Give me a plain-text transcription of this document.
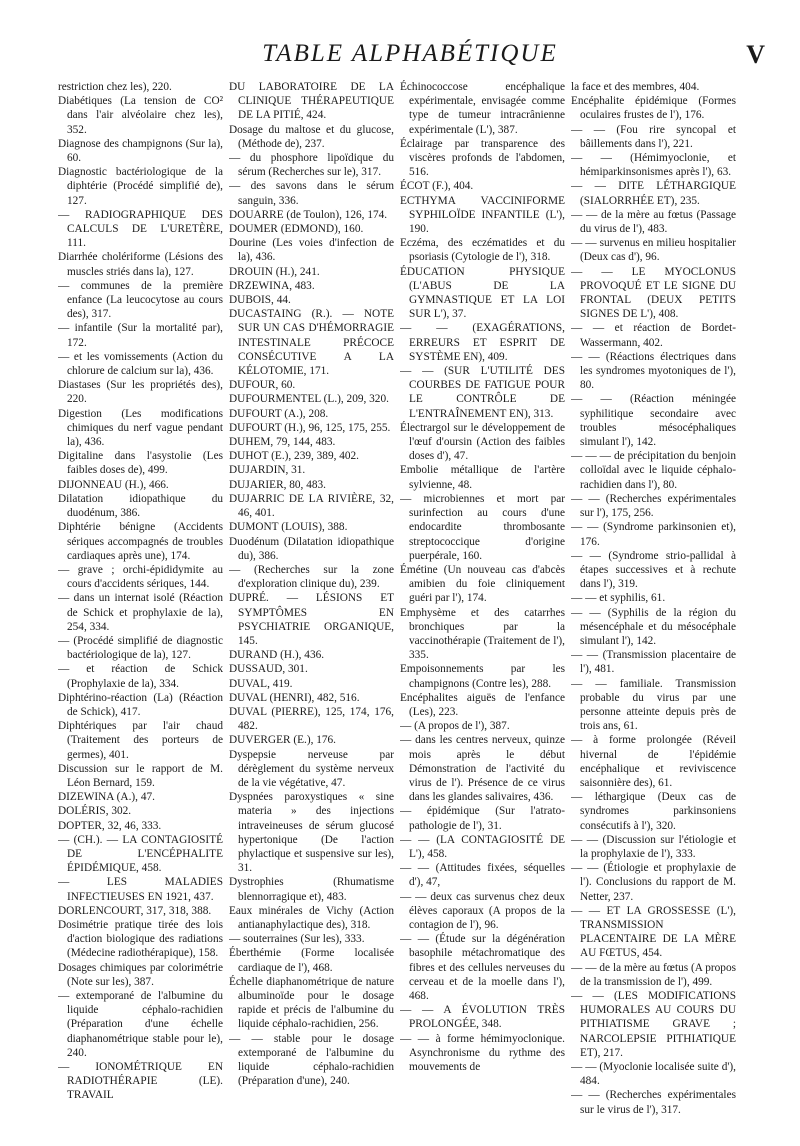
TABLE ALPHABÉTIQUE	V

restriction chez les), 220.

Diabétiques (La tension de CO² dans l'air alvéolaire chez les), 352.

Diagnose des champignons (Sur la), 60.

Diagnostic bactériologique de la diphtérie (Procédé simplifié de), 127.

— RADIOGRAPHIQUE DES CALCULS DE L'URETÈRE, 111.

Diarrhée cholériforme (Lésions des muscles striés dans la), 127.

— communes de la première enfance (La leucocytose au cours des), 317.

— infantile (Sur la mortalité par), 172.

— et les vomissements (Action du chlorure de calcium sur la), 436.

Diastases (Sur les propriétés des), 220.

Digestion (Les modifications chimiques du nerf vague pendant la), 436.

Digitaline dans l'asystolie (Les faibles doses de), 499.

DIJONNEAU (H.), 466.

Dilatation idiopathique du duodénum, 386.

Diphtérie bénigne (Accidents sériques accompagnés de troubles cardiaques après une), 174.

— grave ; orchi-épididymite au cours d'accidents sériques, 144.

— dans un internat isolé (Réaction de Schick et prophylaxie de la), 254, 334.

— (Procédé simplifié de diagnostic bactériologique de la), 127.

— et réaction de Schick (Prophylaxie de la), 334.

Diphtérino-réaction (La) (Réaction de Schick), 417.

Diphtériques par l'air chaud (Traitement des porteurs de germes), 401.

Discussion sur le rapport de M. Léon Bernard, 159.

DIZEWINA (A.), 47.

DOLÉRIS, 302.

DOPTER, 32, 46, 333.

— (CH.). — LA CONTAGIOSITÉ DE L'ENCÉPHALITE ÉPIDÉMIQUE, 458.

— LES MALADIES INFECTIEUSES EN 1921, 437.

DORLENCOURT, 317, 318, 388.

Dosimétrie pratique tirée des lois d'action biologique des radiations (Médecine radiothérapique), 158.

Dosages chimiques par colorimétrie (Note sur les), 387.

— extemporané de l'albumine du liquide céphalo-rachidien (Préparation d'une échelle diaphanométrique stable pour le), 240.

— IONOMÉTRIQUE EN RADIOTHÉRAPIE (LE). TRAVAIL

DU LABORATOIRE DE LA CLINIQUE THÉRAPEUTIQUE DE LA PITIÉ, 424.

Dosage du maltose et du glucose, (Méthode de), 237.

— du phosphore lipoïdique du sérum (Recherches sur le), 317.

— des savons dans le sérum sanguin, 336.

DOUARRE (de Toulon), 126, 174.

DOUMER (EDMOND), 160.

Dourine (Les voies d'infection de la), 436.

DROUIN (H.), 241.

DRZEWINA, 483.

DUBOIS, 44.

DUCASTAING (R.). — NOTE SUR UN CAS D'HÉMORRAGIE INTESTINALE PRÉCOCE CONSÉCUTIVE A LA KÉLOTOMIE, 171.

DUFOUR, 60.

DUFOURMENTEL (L.), 209, 320.

DUFOURT (A.), 208.

DUFOURT (H.), 96, 125, 175, 255.

DUHEM, 79, 144, 483.

DUHOT (E.), 239, 389, 402.

DUJARDIN, 31.

DUJARIER, 80, 483.

DUJARRIC DE LA RIVIÈRE, 32, 46, 401.

DUMONT (LOUIS), 388.

Duodénum (Dilatation idiopathique du), 386.

— (Recherches sur la zone d'exploration clinique du), 239.

DUPRÉ. — LÉSIONS ET SYMPTÔMES EN PSYCHIATRIE ORGANIQUE, 145.

DURAND (H.), 436.

DUSSAUD, 301.

DUVAL, 419.

DUVAL (HENRI), 482, 516.

DUVAL (PIERRE), 125, 174, 176, 482.

DUVERGER (E.), 176.

Dyspepsie nerveuse par dérèglement du système nerveux de la vie végétative, 47.

Dyspnées paroxystiques « sine materia » des injections intraveineuses de sérum glucosé hypertonique (De l'action phylactique et suspensive sur les), 31.

Dystrophies (Rhumatisme blennorragique et), 483.

Eaux minérales de Vichy (Action antianaphylactique des), 318.

— souterraines (Sur les), 333.

Éberthémie (Forme localisée cardiaque de l'), 468.

Échelle diaphanométrique de nature albuminoïde pour le dosage rapide et précis de l'albumine du liquide céphalo-rachidien, 256.

— — stable pour le dosage extemporané de l'albumine du liquide céphalo-rachidien (Préparation d'une), 240.

Échinococcose encéphalique expérimentale, envisagée comme type de tumeur intracrânienne expérimentale (L'), 387.

Éclairage par transparence des viscères profonds de l'abdomen, 516.

ÉCOT (F.), 404.

ECTHYMA VACCINIFORME SYPHILOÏDE INFANTILE (L'), 190.

Eczéma, des eczématides et du psoriasis (Cytologie de l'), 318.

ÉDUCATION PHYSIQUE (L'ABUS DE LA GYMNASTIQUE ET LA LOI SUR L'), 37.

— — (EXAGÉRATIONS, ERREURS ET ESPRIT DE SYSTÈME EN), 409.

— — (SUR L'UTILITÉ DES COURBES DE FATIGUE POUR LE CONTRÔLE DE L'ENTRAÎNEMENT EN), 313.

Électrargol sur le développement de l'œuf d'oursin (Action des faibles doses d'), 47.

Embolie métallique de l'artère sylvienne, 48.

— microbiennes et mort par surinfection au cours d'une endocardite thrombosante streptococcique d'origine puerpérale, 160.

Émétine (Un nouveau cas d'abcès amibien du foie cliniquement guéri par l'), 174.

Emphysème et des catarrhes bronchiques par la vaccinothérapie (Traitement de l'), 335.

Empoisonnements par les champignons (Contre les), 288.

Encéphalites aiguës de l'enfance (Les), 223.

— (A propos de l'), 387.

— dans les centres nerveux, quinze mois après le début Démonstration de l'activité du virus de l'). Présence de ce virus dans les glandes salivaires, 436.

— épidémique (Sur l'atrato-pathologie de l'), 31.

— — (LA CONTAGIOSITÉ DE L'), 458.

— — (Attitudes fixées, séquelles d'), 47,

— — deux cas survenus chez deux élèves caporaux (A propos de la contagion de l'), 96.

— — (Étude sur la dégénération basophile métachromatique des fibres et des cellules nerveuses du cerveau et de la moelle dans l'), 468.

— — A ÉVOLUTION TRÈS PROLONGÉE, 348.

— — à forme hémimyoclonique. Asynchronisme du rythme des mouvements de

la face et des membres, 404.

Encéphalite épidémique (Formes oculaires frustes de l'), 176.

— — (Fou rire syncopal et bâillements dans l'), 221.

— — (Hémimyoclonie, et hémiparkinsonismes après l'), 63.

— — DITE LÉTHARGIQUE (SIALORRHÉE ET), 235.

— — de la mère au fœtus (Passage du virus de l'), 483.

— — survenus en milieu hospitalier (Deux cas d'), 96.

— — LE MYOCLONUS PROVOQUÉ ET LE SIGNE DU FRONTAL (DEUX PETITS SIGNES DE L'), 408.

— — et réaction de Bordet-Wassermann, 402.

— — (Réactions électriques dans les syndromes myotoniques de l'), 80.

— — (Réaction méningée syphilitique secondaire avec troubles mésocéphaliques simulant l'), 142.

— — — de précipitation du benjoin colloïdal avec le liquide céphalo-rachidien dans l'), 80.

— — (Recherches expérimentales sur l'), 175, 256.

— — (Syndrome parkinsonien et), 176.

— — (Syndrome strio-pallidal à étapes successives et à rechute dans l'), 319.

— — et syphilis, 61.

— — (Syphilis de la région du mésencéphale et du mésocéphale simulant l'), 142.

— — (Transmission placentaire de l'), 481.

— — familiale. Transmission probable du virus par une personne atteinte depuis près de trois ans, 61.

— à forme prolongée (Réveil hivernal de l'épidémie encéphalique et reviviscence saisonnière des), 61.

— léthargique (Deux cas de syndromes parkinsoniens consécutifs à l'), 320.

— — (Discussion sur l'étiologie et la prophylaxie de l'), 333.

— — (Étiologie et prophylaxie de l'). Conclusions du rapport de M. Netter, 237.

— — ET LA GROSSESSE (L'), TRANSMISSION PLACENTAIRE DE LA MÈRE AU FŒTUS, 454.

— — de la mère au fœtus (A propos de la transmission de l'), 499.

— — (LES MODIFICATIONS HUMORALES AU COURS DU PITHIATISME GRAVE ; NARCOLEPSIE PITHIATIQUE ET), 217.

— — (Myoclonie localisée suite d'), 484.

— — (Recherches expérimentales sur le virus de l'), 317.
